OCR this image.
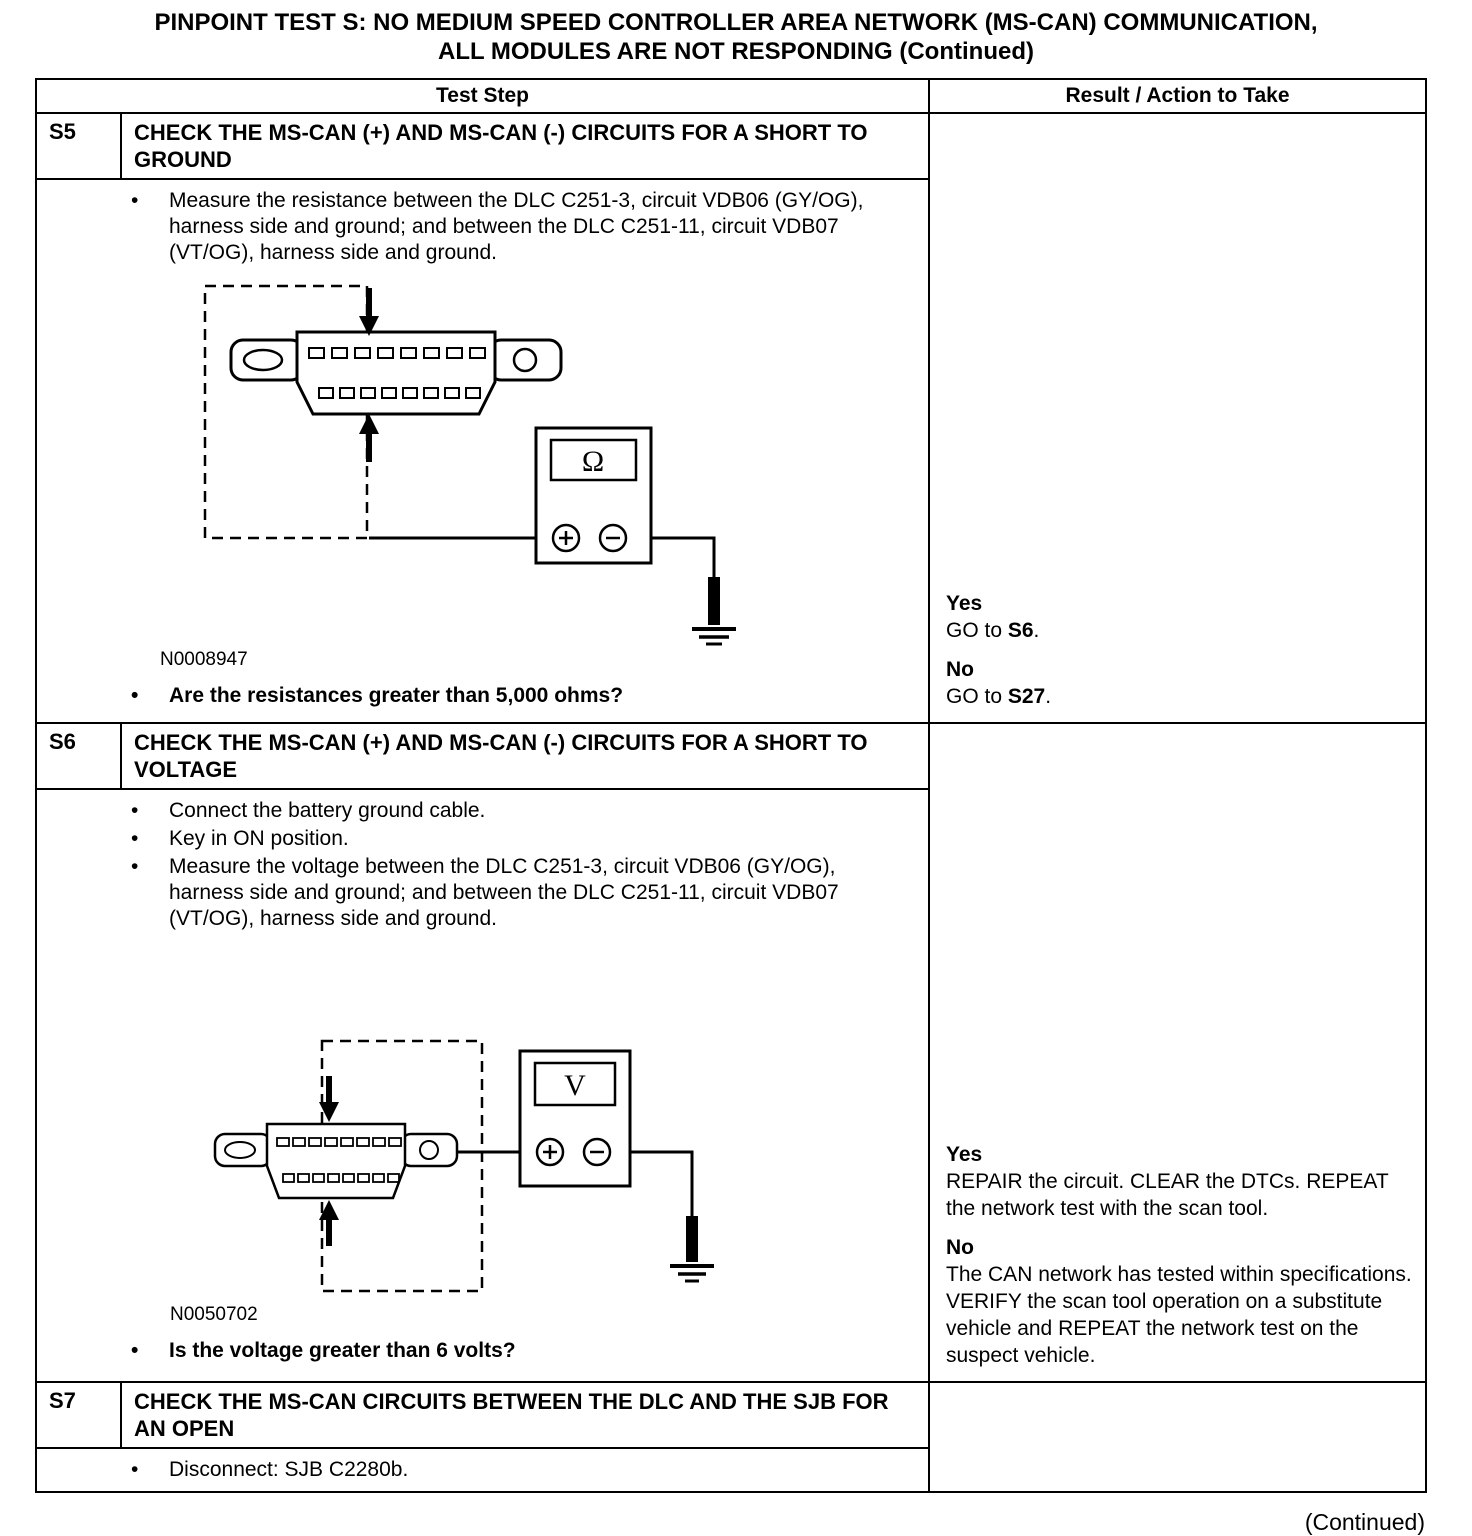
PINPOINT TEST S: NO MEDIUM SPEED CONTROLLER AREA NETWORK (MS-CAN) COMMUNICATION,
ALL MODULES ARE NOT RESPONDING (Continued)
Test Step		Result / Action to Take
S5	CHECK THE MS-CAN (+) AND MS-CAN (-) CIRCUITS FOR A SHORT TO GROUND	Yes
GO to S6.
No
GO to S27.

•
Measure the resistance between the DLC C251-3, circuit VDB06 (GY/OG), harness side and ground; and between the DLC C251-11, circuit VDB07 (VT/OG), harness side and ground.
Ω
N0008947
•
Are the resistances greater than 5,000 ohms?

S6	CHECK THE MS-CAN (+) AND MS-CAN (-) CIRCUITS FOR A SHORT TO VOLTAGE	Yes
REPAIR the circuit. CLEAR the DTCs. REPEAT the network test with the scan tool.
No
The CAN network has tested within specifications. VERIFY the scan tool operation on a substitute vehicle and REPEAT the network test on the suspect vehicle.

•
Connect the battery ground cable.
•
Key in ON position.
•
Measure the voltage between the DLC C251-3, circuit VDB06 (GY/OG), harness side and ground; and between the DLC C251-11, circuit VDB07 (VT/OG), harness side and ground.
V
N0050702
•
Is the voltage greater than 6 volts?

S7	CHECK THE MS-CAN CIRCUITS BETWEEN THE DLC AND THE SJB FOR AN OPEN	

•
Disconnect: SJB C2280b.
(Continued)
